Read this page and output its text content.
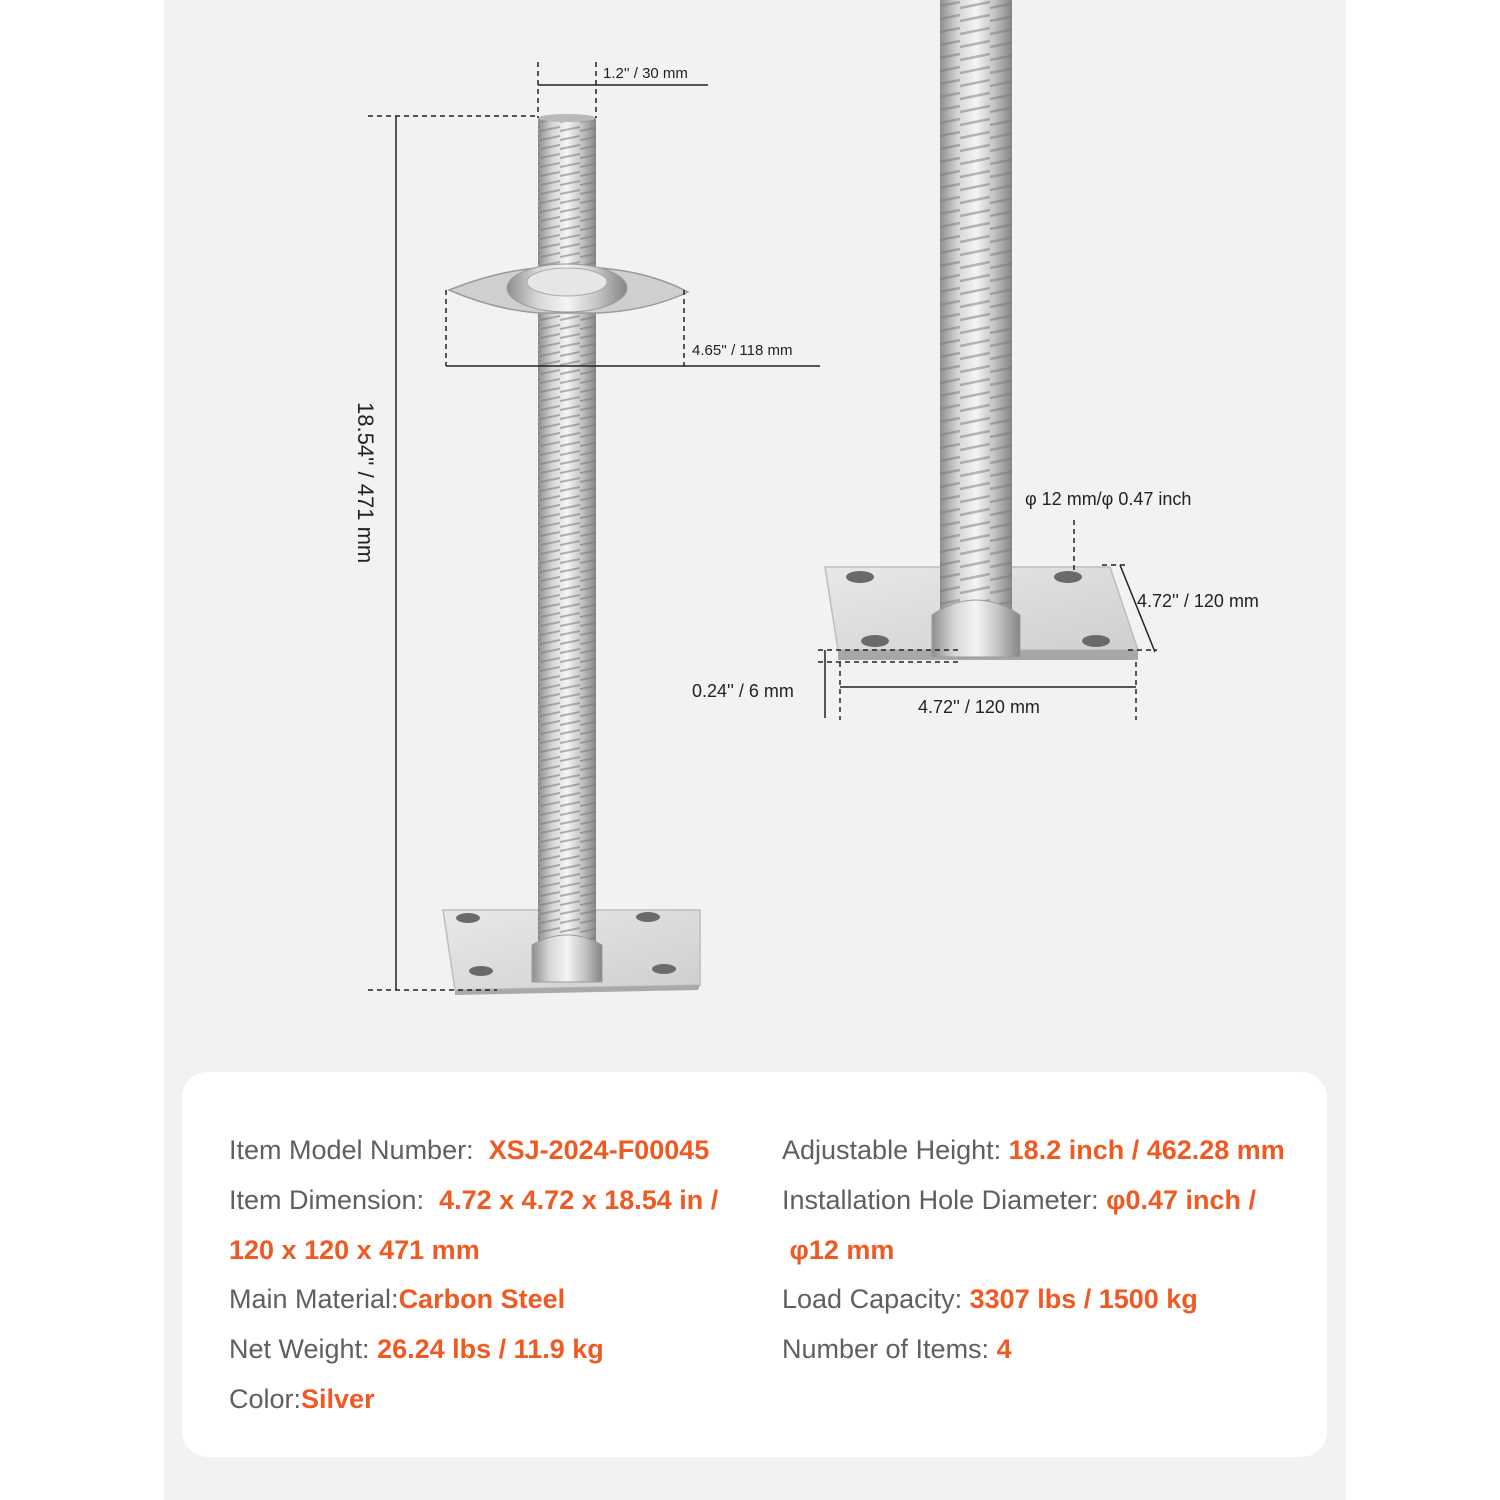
1.2'' / 30 mm
4.65'' / 118 mm
18.54'' / 471 mm	φ 12 mm/φ 0.47 inch
4.72'' / 120 mm
0.24'' / 6 mm
4.72'' / 120 mm
Item Model Number: XSJ-2024-F00045
Item Dimension: 4.72 x 4.72 x 18.54 in /
120 x 120 x 471 mm
Main Material:Carbon Steel
Net Weight: 26.24 lbs / 11.9 kg
Color:Silver
Adjustable Height: 18.2 inch / 462.28 mm
Installation Hole Diameter: φ0.47 inch /
φ12 mm
Load Capacity: 3307 lbs / 1500 kg
Number of Items: 4
